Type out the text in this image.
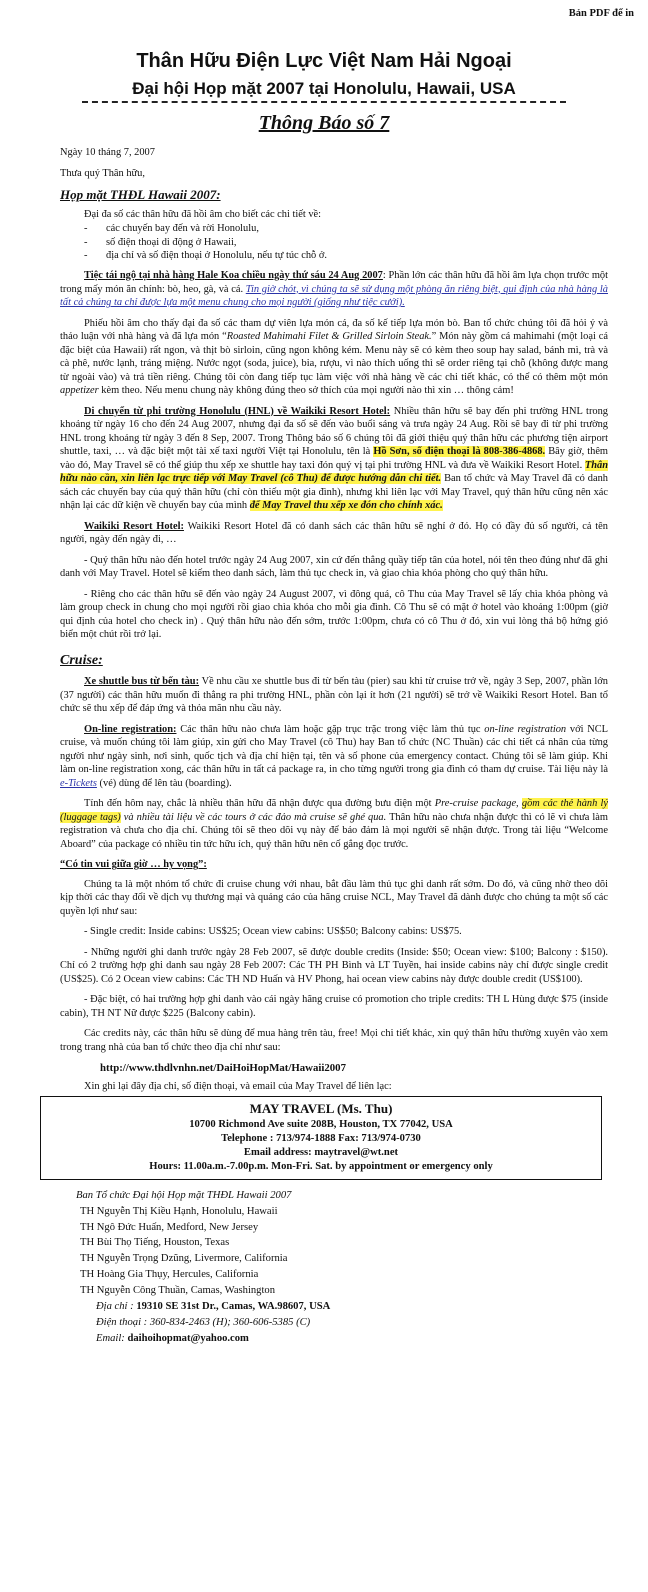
Bản PDF để in
Thân Hữu Điện Lực Việt Nam Hải Ngoại
Đại hội Họp mặt 2007 tại Honolulu, Hawaii, USA
Thông Báo số 7

Ngày 10 tháng 7, 2007

Thưa quý Thân hữu,

Họp mặt THĐL Hawaii 2007:

Đại đa số các thân hữu đã hồi âm cho biết các chi tiết về:

- các chuyến bay đến và rời Honolulu,
- số điện thoại di động ở Hawaii,
- địa chỉ và số điện thoại ở Honolulu, nếu tự túc chỗ ở.

Tiệc tái ngộ tại nhà hàng Hale Koa chiều ngày thứ sáu 24 Aug 2007: Phần lớn các thân hữu đã hồi âm lựa chọn trước một trong mấy món ăn chính: bò, heo, gà, và cá. Tin giờ chót, vì chúng ta sẽ sử dụng một phòng ăn riêng biệt, qui định của nhà hàng là tất cả chúng ta chỉ được lựa một menu chung cho mọi người (giống như tiệc cưới).

Phiếu hồi âm cho thấy đại đa số các tham dự viên lựa món cá, đa số kế tiếp lựa món bò. Ban tổ chức chúng tôi đã hỏi ý và thảo luận với nhà hàng và đã lựa món “Roasted Mahimahi Filet & Grilled Sirloin Steak.” Món này gồm cá mahimahi (một loại cá đặc biệt của Hawaii) rất ngon, và thịt bò sirloin, cũng ngon không kém. Menu này sẽ có kèm theo soup hay salad, bánh mì, trà và cà phê, nước lạnh, tráng miệng. Nước ngọt (soda, juice), bia, rượu, vì nào thích uống thì sẽ order riêng tại chỗ (không được mang từ ngoài vào) và trả tiền riêng. Chúng tôi còn đang tiếp tục làm việc với nhà hàng về các chi tiết khác, có thể có thêm một món appetizer kèm theo. Nếu menu chung này không đúng theo sở thích của mọi người nào thì xin … thông cảm!

Di chuyển từ phi trường Honolulu (HNL) về Waikiki Resort Hotel: Nhiều thân hữu sẽ bay đến phi trường HNL trong khoảng từ ngày 16 cho đến 24 Aug 2007, nhưng đại đa số sẽ đến vào buổi sáng và trưa ngày 24 Aug. Rồi sẽ bay đi từ phi trường HNL trong khoảng từ ngày 3 đến 8 Sep, 2007. Trong Thông báo số 6 chúng tôi đã giới thiệu quý thân hữu các phương tiện airport shuttle, taxi, … và đặc biệt một tài xế taxi người Việt tại Honolulu, tên là Hồ Sơn, số điện thoại là 808-386-4868. Bây giờ, thêm vào đó, May Travel sẽ có thể giúp thu xếp xe shuttle hay taxi đón quý vị tại phi trường HNL và đưa về Waikiki Resort Hotel. Thân hữu nào cần, xin liên lạc trực tiếp với May Travel (cô Thu) để được hướng dẫn chi tiết. Ban tổ chức và May Travel đã có danh sách các chuyến bay của quý thân hữu (chỉ còn thiếu một gia đình), nhưng khi liên lạc với May Travel, quý thân hữu cũng nên xác nhận lại các dữ kiện về chuyến bay của mình để May Travel thu xếp xe đón cho chính xác.

Waikiki Resort Hotel: Waikiki Resort Hotel đã có danh sách các thân hữu sẽ nghỉ ở đó. Họ có đầy đủ số người, cả tên người, ngày đến ngày đi, …

- Quý thân hữu nào đến hotel trước ngày 24 Aug 2007, xin cứ đến thẳng quầy tiếp tân của hotel, nói tên theo đúng như đã ghi danh với May Travel. Hotel sẽ kiếm theo danh sách, làm thủ tục check in, và giao chìa khóa phòng cho quý thân hữu.

- Riêng cho các thân hữu sẽ đến vào ngày 24 August 2007, vì đông quá, cô Thu của May Travel sẽ lấy chìa khóa phòng và làm group check in chung cho mọi người rồi giao chìa khóa cho mỗi gia đình. Cô Thu sẽ có mặt ở hotel vào khoảng 1:00pm (giờ qui định của hotel cho check in) . Quý thân hữu nào đến sớm, trước 1:00pm, chưa có cô Thu ở đó, xin vui lòng thả bộ hứng gió biển một chút rồi trở lại.

Cruise:

Xe shuttle bus từ bến tàu: Về nhu cầu xe shuttle bus đi từ bến tàu (pier) sau khi từ cruise trở về, ngày 3 Sep, 2007, phần lớn (37 người) các thân hữu muốn đi thẳng ra phi trường HNL, phần còn lại ít hơn (21 người) sẽ trở về Waikiki Resort Hotel. Ban tổ chức sẽ thu xếp để đáp ứng và thỏa mãn nhu cầu này.

On-line registration: Các thân hữu nào chưa làm hoặc gặp trục trặc trong việc làm thủ tục on-line registration với NCL cruise, và muốn chúng tôi làm giúp, xin gửi cho May Travel (cô Thu) hay Ban tổ chức (NC Thuần) các chi tiết cá nhân của từng người như ngày sinh, nơi sinh, quốc tịch và địa chỉ hiện tại, tên và số phone của emergency contact. Chúng tôi sẽ làm giúp. Khi làm on-line registration xong, các thân hữu in tất cả package ra, in cho từng người trong gia đình có tham dự cruise. Tài liệu này là e-Tickets (vé) dùng để lên tàu (boarding).

Tính đến hôm nay, chắc là nhiều thân hữu đã nhận được qua đường bưu điện một Pre-cruise package, gồm các thẻ hành lý (luggage tags) và nhiều tài liệu về các tours ở các đảo mà cruise sẽ ghé qua. Thân hữu nào chưa nhận được thì có lẽ vì chưa làm registration và chưa cho địa chỉ. Chúng tôi sẽ theo dõi vụ này để bảo đảm là mọi người sẽ nhận được. Trong tài liệu “Welcome Aboard” của package có nhiều tin tức hữu ích, quý thân hữu nên cố gắng đọc trước.

“Có tin vui giữa giờ … hy vọng”:

Chúng ta là một nhóm tổ chức đi cruise chung với nhau, bắt đầu làm thủ tục ghi danh rất sớm. Do đó, và cũng nhờ theo dõi kịp thời các thay đổi về dịch vụ thương mại và quảng cáo của hãng cruise NCL, May Travel đã dành được cho chúng ta một số các quyền lợi như sau:

- Single credit: Inside cabins: US$25; Ocean view cabins: US$50; Balcony cabins: US$75.

- Những người ghi danh trước ngày 28 Feb 2007, sẽ được double credits (Inside: $50; Ocean view: $100; Balcony : $150). Chỉ có 2 trường hợp ghi danh sau ngày 28 Feb 2007: Các TH PH Bình và LT Tuyền, hai inside cabins này chỉ được single credit (US$25). Có 2 Ocean view cabins: Các TH ND Huấn và HV Phong, hai ocean view cabins này được double credit (US$100).

- Đặc biệt, có hai trường hợp ghi danh vào cái ngày hãng cruise có promotion cho triple credits: TH L Hùng được $75 (inside cabin), TH NT Nữ được $225 (Balcony cabin).

Các credits này, các thân hữu sẽ dùng để mua hàng trên tàu, free! Mọi chi tiết khác, xin quý thân hữu thường xuyên vào xem trong trang nhà của ban tổ chức theo địa chỉ như sau:

http://www.thdlvnhn.net/DaiHoiHopMat/Hawaii2007

Xin ghi lại đây địa chỉ, số điện thoại, và email của May Travel để liên lạc:

MAY TRAVEL (Ms. Thu)
10700 Richmond Ave suite 208B, Houston, TX 77042, USA
Telephone : 713/974-1888 Fax: 713/974-0730
Email address: maytravel@wt.net
Hours: 11.00a.m.-7.00p.m. Mon-Fri. Sat. by appointment or emergency only
Ban Tổ chức Đại hội Họp mặt THĐL Hawaii 2007
TH Nguyễn Thị Kiều Hạnh, Honolulu, Hawaii
TH Ngô Đức Huấn, Medford, New Jersey
TH Bùi Thọ Tiếng, Houston, Texas
TH Nguyễn Trọng Dzũng, Livermore, California
TH Hoàng Gia Thụy, Hercules, California
TH Nguyễn Công Thuần, Camas, Washington
Địa chỉ : 19310 SE 31st Dr., Camas, WA.98607, USA
Điện thoại : 360-834-2463 (H); 360-606-5385 (C)
Email: daihoihopmat@yahoo.com
